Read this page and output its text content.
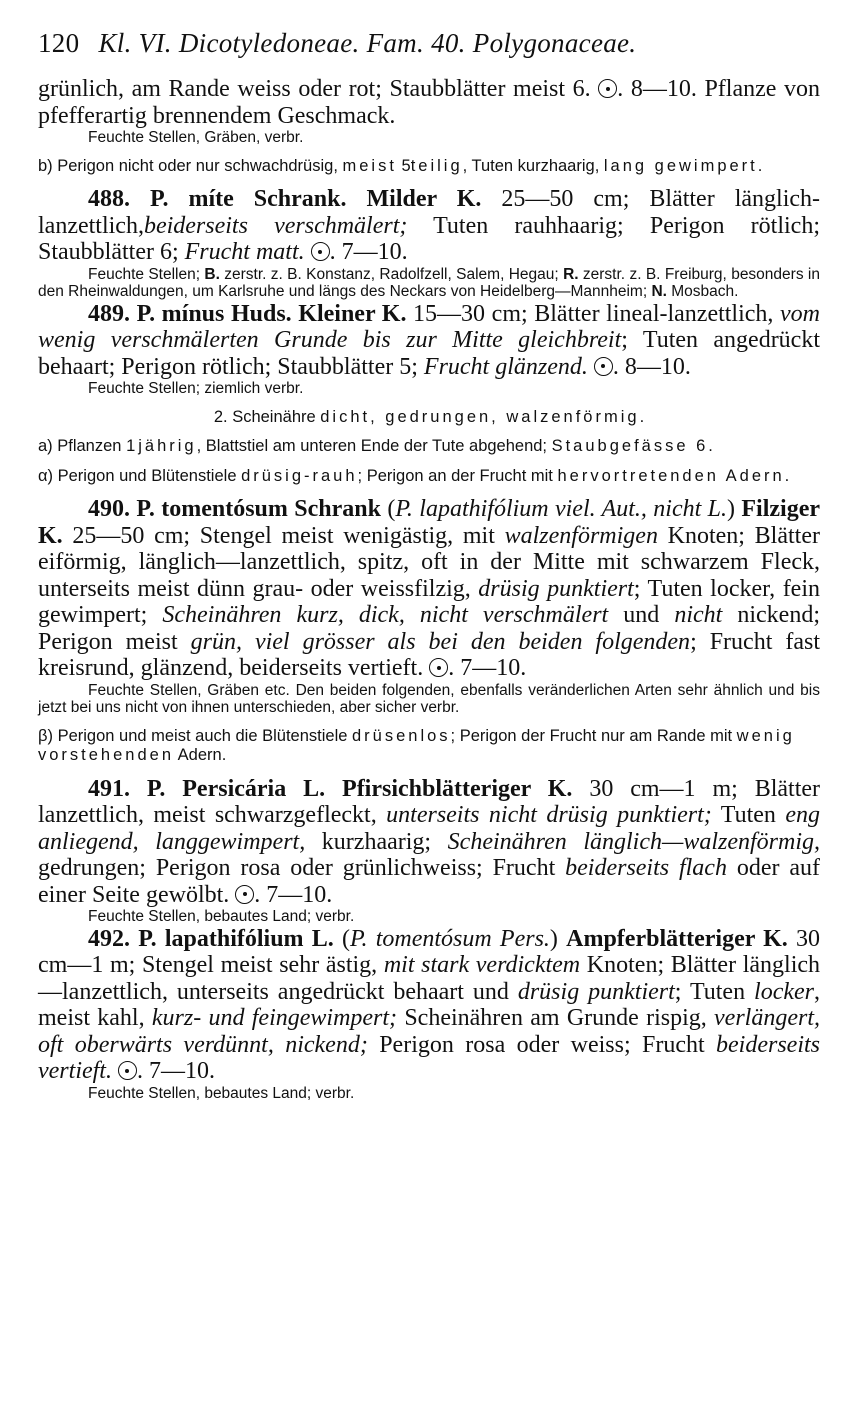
120 Kl. VI. Dicotyledoneae. Fam. 40. Polygonaceae.

grünlich, am Rande weiss oder rot; Staubblätter meist 6. . 8—10. Pflanze von pfefferartig brennendem Geschmack.

Feuchte Stellen, Gräben, verbr.

b) Perigon nicht oder nur schwachdrüsig, meist 5teilig, Tuten kurzhaarig, lang gewimpert.

488. P. míte Schrank. Milder K. 25—50 cm; Blätter länglich-lanzettlich,beiderseits verschmälert; Tuten rauhhaarig; Perigon rötlich; Staubblätter 6; Frucht matt. . 7—10.

Feuchte Stellen; B. zerstr. z. B. Konstanz, Radolfzell, Salem, Hegau; R. zerstr. z. B. Freiburg, besonders in den Rheinwaldungen, um Karlsruhe und längs des Neckars von Heidelberg—Mannheim; N. Mosbach.

489. P. mínus Huds. Kleiner K. 15—30 cm; Blätter lineal-lanzettlich, vom wenig verschmälerten Grunde bis zur Mitte gleichbreit; Tuten angedrückt behaart; Perigon rötlich; Staubblätter 5; Frucht glänzend. . 8—10.

Feuchte Stellen; ziemlich verbr.

2. Scheinähre dicht, gedrungen, walzenförmig.

a) Pflanzen 1jährig, Blattstiel am unteren Ende der Tute abgehend; Staubgefässe 6.

α) Perigon und Blütenstiele drüsig-rauh; Perigon an der Frucht mit hervortretenden Adern.

490. P. tomentósum Schrank (P. lapathifólium viel. Aut., nicht L.) Filziger K. 25—50 cm; Stengel meist wenigästig, mit walzenförmigen Knoten; Blätter eiförmig, länglich—lanzettlich, spitz, oft in der Mitte mit schwarzem Fleck, unterseits meist dünn grau- oder weissfilzig, drüsig punktiert; Tuten locker, fein gewimpert; Scheinähren kurz, dick, nicht verschmälert und nicht nickend; Perigon meist grün, viel grösser als bei den beiden folgenden; Frucht fast kreisrund, glänzend, beiderseits vertieft. . 7—10.

Feuchte Stellen, Gräben etc. Den beiden folgenden, ebenfalls veränderlichen Arten sehr ähnlich und bis jetzt bei uns nicht von ihnen unterschieden, aber sicher verbr.

β) Perigon und meist auch die Blütenstiele drüsenlos; Perigon der Frucht nur am Rande mit wenig vorstehenden Adern.

491. P. Persicária L. Pfirsichblätteriger K. 30 cm—1 m; Blätter lanzettlich, meist schwarzgefleckt, unterseits nicht drüsig punktiert; Tuten eng anliegend, langgewimpert, kurzhaarig; Scheinähren länglich—walzenförmig, gedrungen; Perigon rosa oder grünlichweiss; Frucht beiderseits flach oder auf einer Seite gewölbt. . 7—10.

Feuchte Stellen, bebautes Land; verbr.

492. P. lapathifólium L. (P. tomentósum Pers.) Ampferblätteriger K. 30 cm—1 m; Stengel meist sehr ästig, mit stark verdicktem Knoten; Blätter länglich—lanzettlich, unterseits angedrückt behaart und drüsig punktiert; Tuten locker, meist kahl, kurz- und feingewimpert; Scheinähren am Grunde rispig, verlängert, oft oberwärts verdünnt, nickend; Perigon rosa oder weiss; Frucht beiderseits vertieft. . 7—10.

Feuchte Stellen, bebautes Land; verbr.
